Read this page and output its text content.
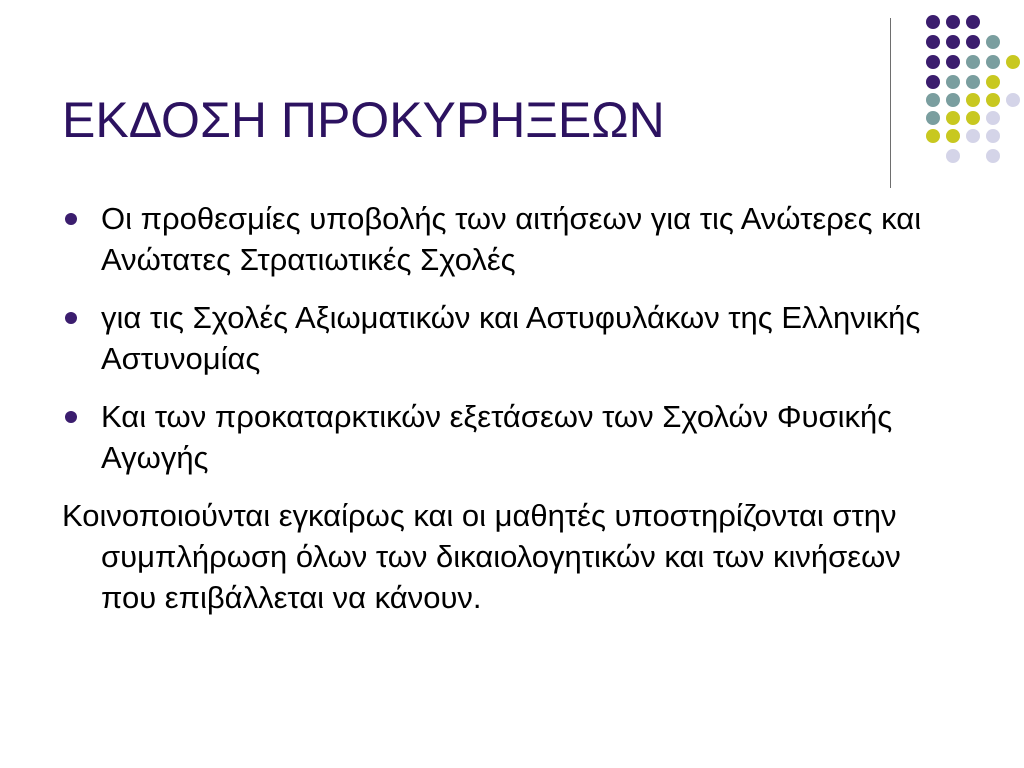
ΕΚΔΟΣΗ ΠΡΟΚΥΡΗΞΕΩΝ
Οι προθεσμίες υποβολής των αιτήσεων για τις Ανώτερες και Ανώτατες Στρατιωτικές Σχολές
για τις Σχολές Αξιωματικών και Αστυφυλάκων της Ελληνικής Αστυνομίας
Και των προκαταρκτικών εξετάσεων των Σχολών Φυσικής Αγωγής

Κοινοποιούνται εγκαίρως και οι μαθητές υποστηρίζονται στην συμπλήρωση όλων των δικαιολογητικών και των κινήσεων που επιβάλλεται να κάνουν.
